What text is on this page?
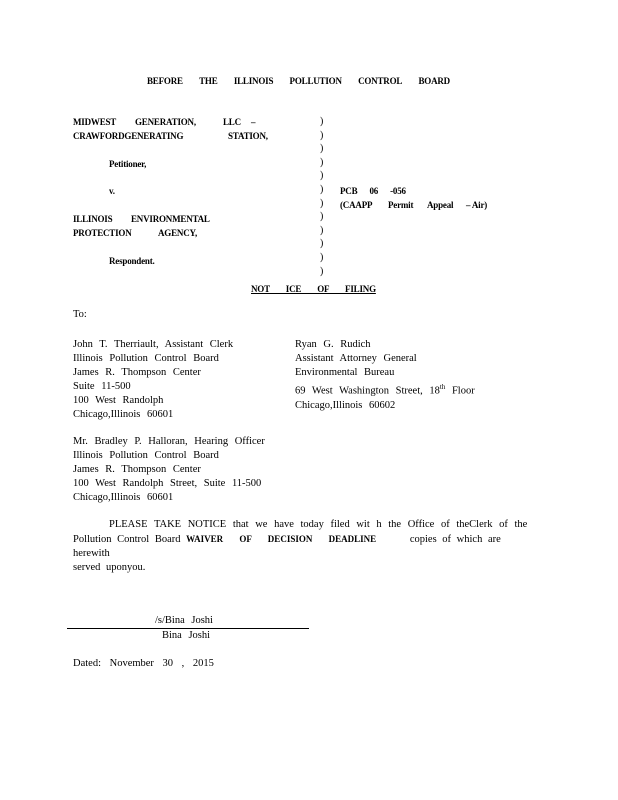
BEFORE THE ILLINOIS POLLUTION CONTROL BOARD
MIDWEST GENERATION,	LLC –
CRAWFORDGENERATING	STATION,
Petitioner,
v.
ILLINOIS ENVIRONMENTAL
PROTECTION	AGENCY,
Respondent.
)
)
)
)
)
)
)
)
)
)
)
)
PCB 06 -056
(CAAPP Permit Appeal – Air)
NOT ICE OF FILING
To:
John T. Therriault, Assistant Clerk
Illinois Pollution Control Board
James R. Thompson Center
Suite 11-500
100 West Randolph
Chicago,Illinois 60601
Ryan G. Rudich
Assistant Attorney General
Environmental Bureau
69 West Washington Street, 18th Floor
Chicago,Illinois 60602
Mr. Bradley P. Halloran, Hearing Officer
Illinois Pollution Control Board
James R. Thompson Center
100 West Randolph Street, Suite 11-500
Chicago,Illinois 60601

PLEASE TAKE NOTICE that we have today filed wit h the Office of theClerk of the

Pollution Control Board WAIVER OF DECISION DEADLINE	copies of which are herewith

served uponyou.

/s/Bina Joshi
Bina Joshi
Dated: November 30 , 2015
